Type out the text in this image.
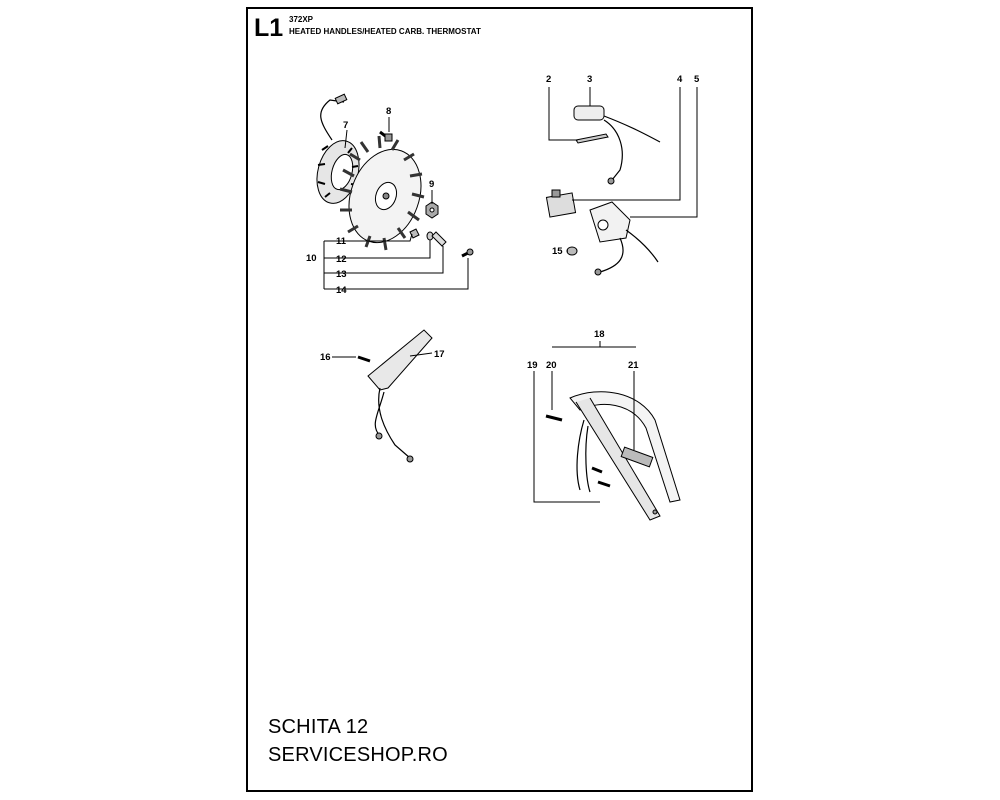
L1 372XP
HEATED HANDLES/HEATED CARB. THERMOSTAT
2	3	4 5
7
8
9
10
11
12
13
14
15
16	17
18
19 20	21
SCHITA 12
SERVICESHOP.RO
